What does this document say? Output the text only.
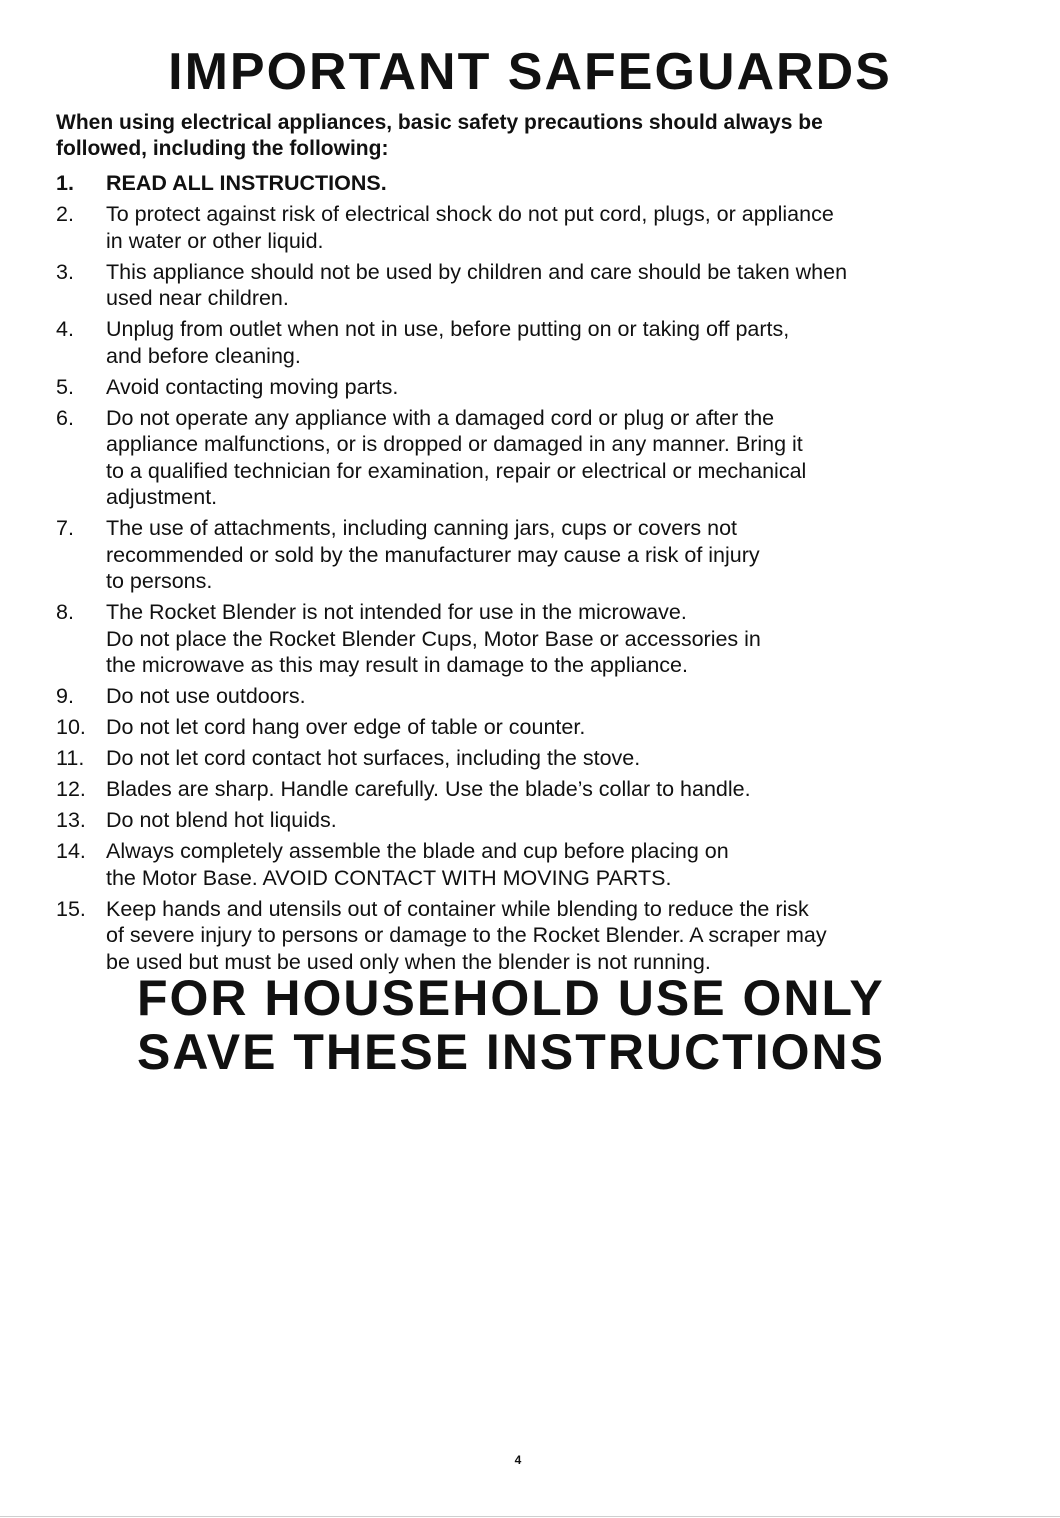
IMPORTANT SAFEGUARDS

When using electrical appliances, basic safety precautions should always be
followed, including the following:

1.	READ ALL INSTRUCTIONS.
2.	To protect against risk of electrical shock do not put cord, plugs, or appliance
in water or other liquid.
3.	This appliance should not be used by children and care should be taken when
used near children.
4.	Unplug from outlet when not in use, before putting on or taking off parts,
and before cleaning.
5.	Avoid contacting moving parts.
6.	Do not operate any appliance with a damaged cord or plug or after the
appliance malfunctions, or is dropped or damaged in any manner. Bring it
to a qualified technician for examination, repair or electrical or mechanical
adjustment.
7.	The use of attachments, including canning jars, cups or covers not
recommended or sold by the manufacturer may cause a risk of injury
to persons.
8.	The Rocket Blender is not intended for use in the microwave.
Do not place the Rocket Blender Cups, Motor Base or accessories in
the microwave as this may result in damage to the appliance.
9.	Do not use outdoors.
10. Do not let cord hang over edge of table or counter.
11.	Do not let cord contact hot surfaces, including the stove.
12. Blades are sharp. Handle carefully. Use the blade’s collar to handle.
13. Do not blend hot liquids.
14. Always completely assemble the blade and cup before placing on
the Motor Base. AVOID CONTACT WITH MOVING PARTS.
15. Keep hands and utensils out of container while blending to reduce the risk
of severe injury to persons or damage to the Rocket Blender. A scraper may
be used but must be used only when the blender is not running.
FOR HOUSEHOLD USE ONLY
SAVE THESE INSTRUCTIONS
4
